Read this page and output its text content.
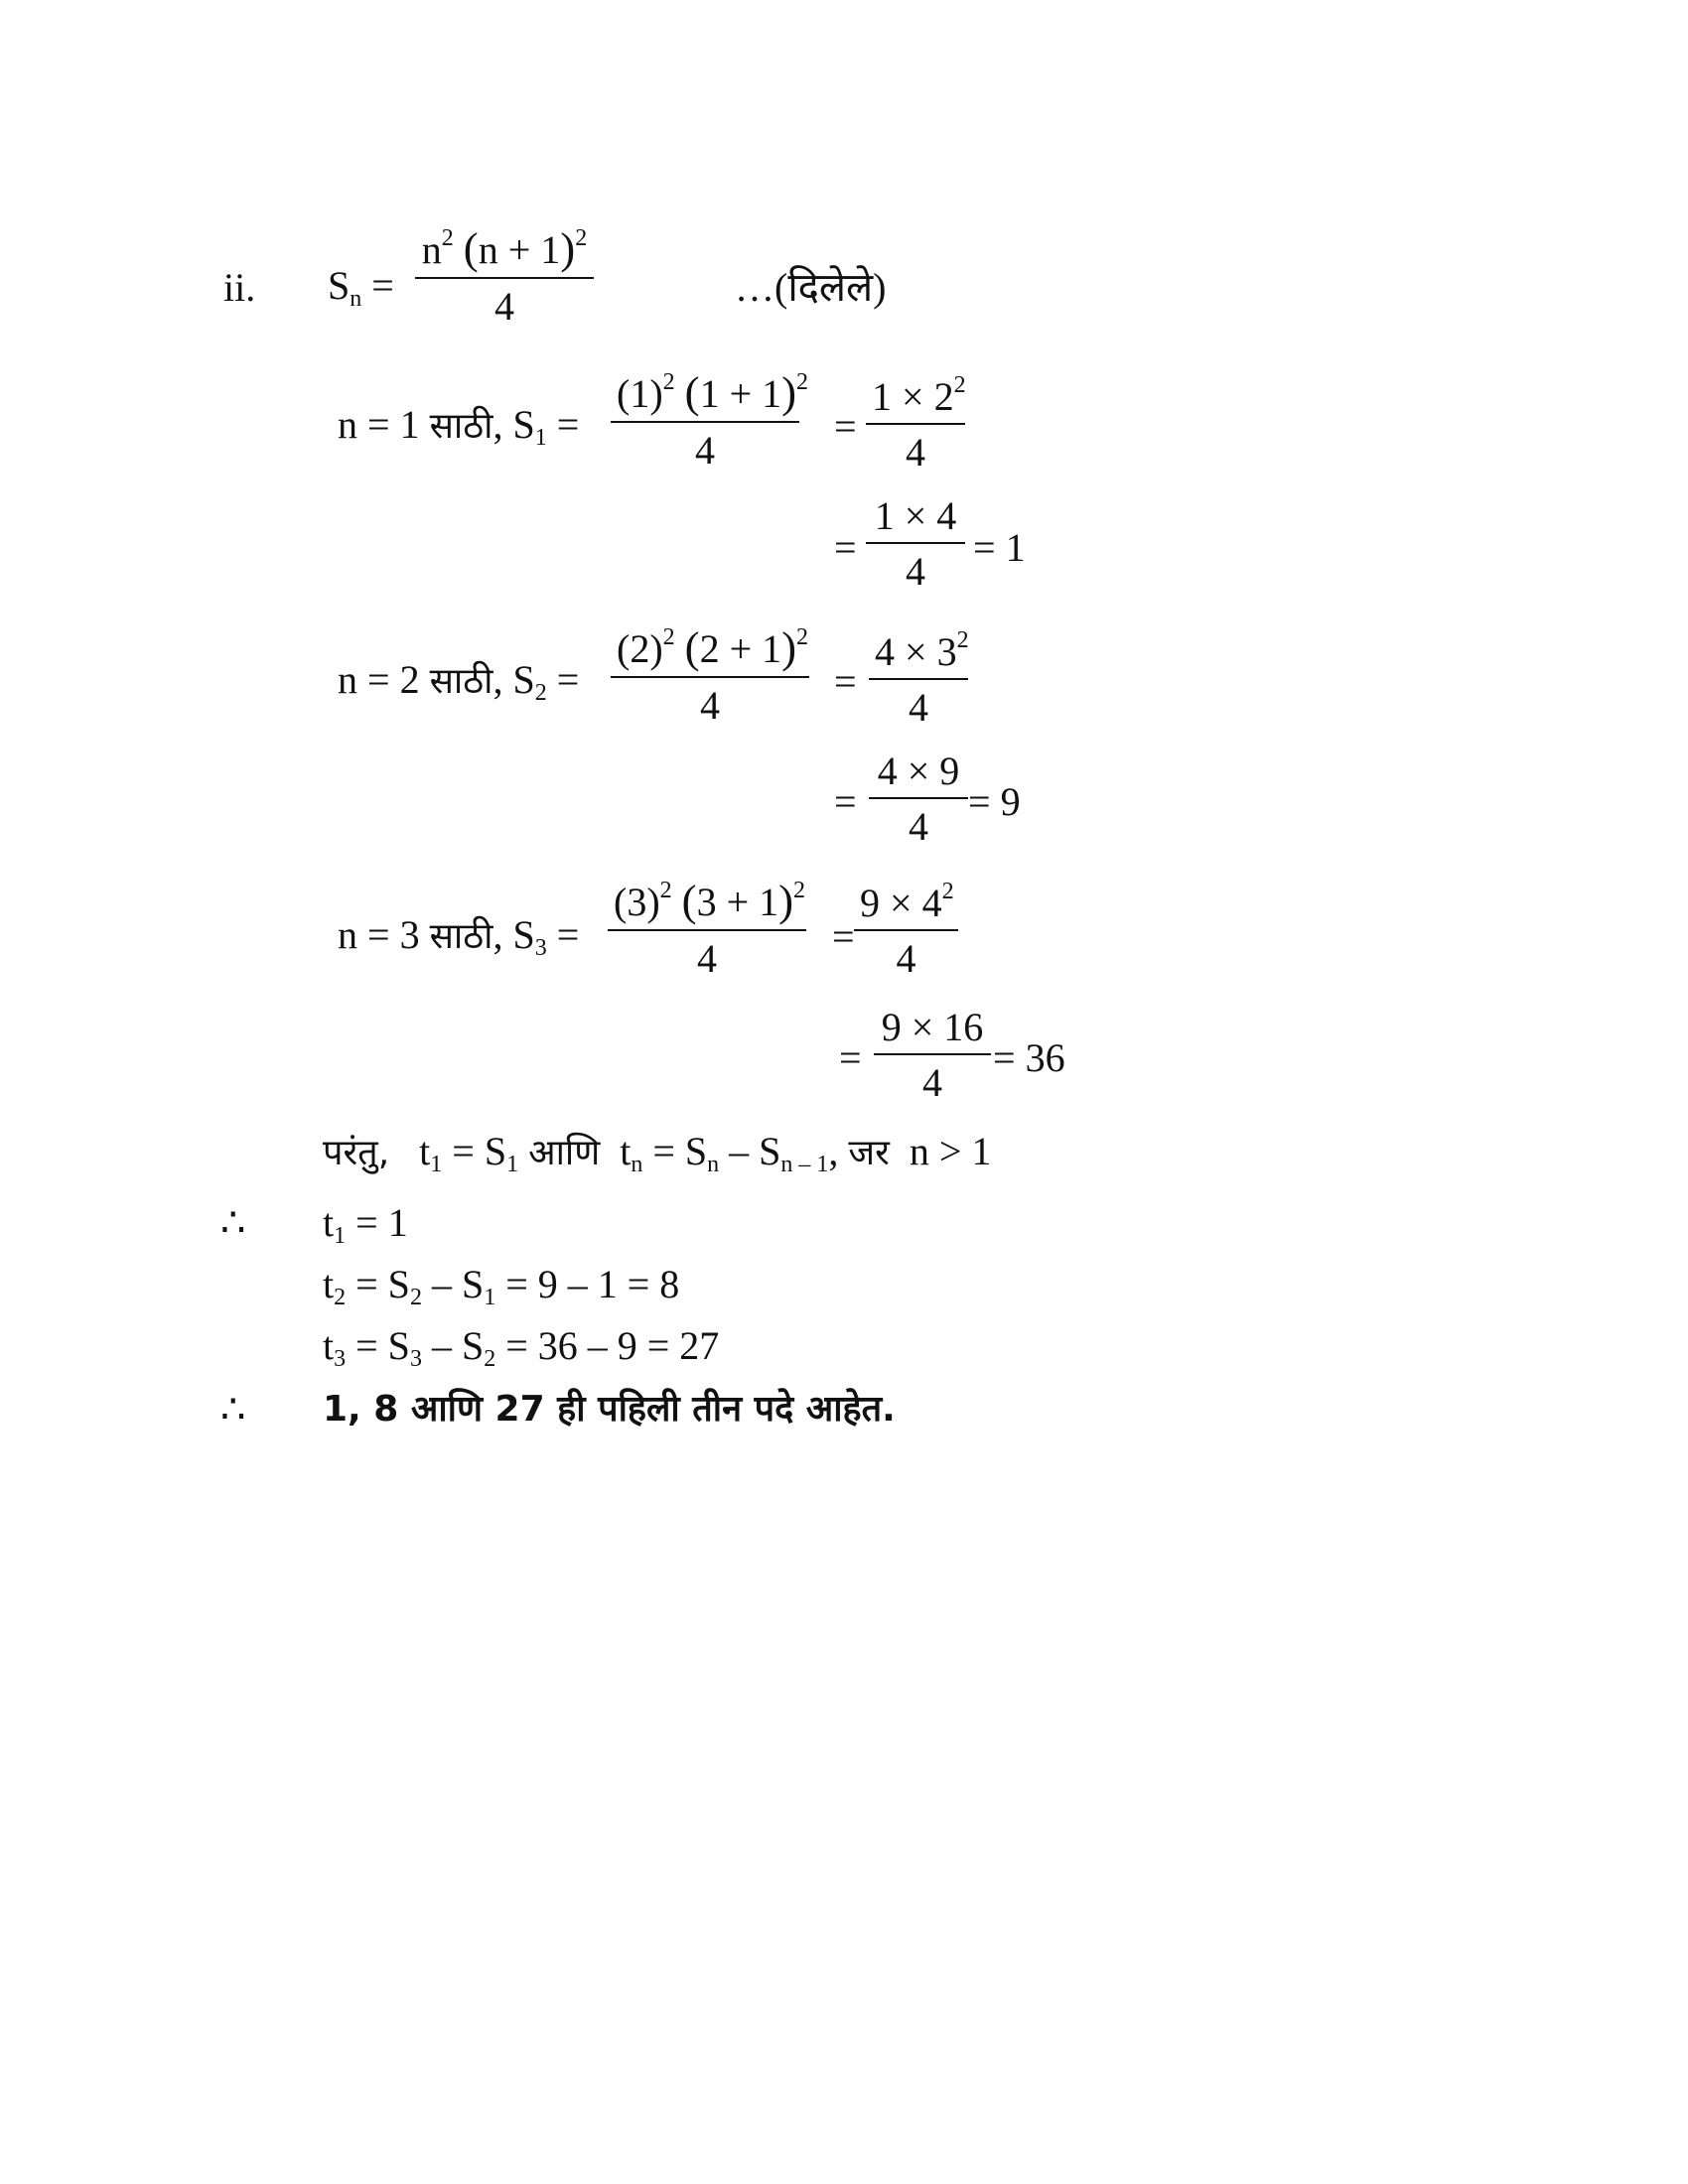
ii. $S_n = \frac{n^2 (n + 1)^2}{4}$	…(दिलेले)
n = 1 साठी, $S_1 = \frac{(1)^2 (1 + 1)^2}{4} = \frac{1 \times 2^2}{4}$
= $\frac{1 \times 4}{4} = 1$
n = 2 साठी, $S_2 = \frac{(2)^2 (2 + 1)^2}{4} = \frac{4 \times 3^2}{4}$
= $\frac{4 \times 9}{4} = 9$
n = 3 साठी, $S_3 = \frac{(3)^2 (3 + 1)^2}{4} = \frac{9 \times 4^2}{4}$
= $\frac{9 \times 16}{4} = 36$
परंतु,   $t_1 = S_1$ आणि  $t_n = S_n - S_{n - 1}$, जर  n > 1
∴ $t_1 = 1$
$t_2 = S_2 - S_1 = 9 - 1 = 8$
$t_3 = S_3 - S_2 = 36 - 9 = 27$
∴ 1, 8 आणि 27 ही पहिली तीन पदे आहेत.
